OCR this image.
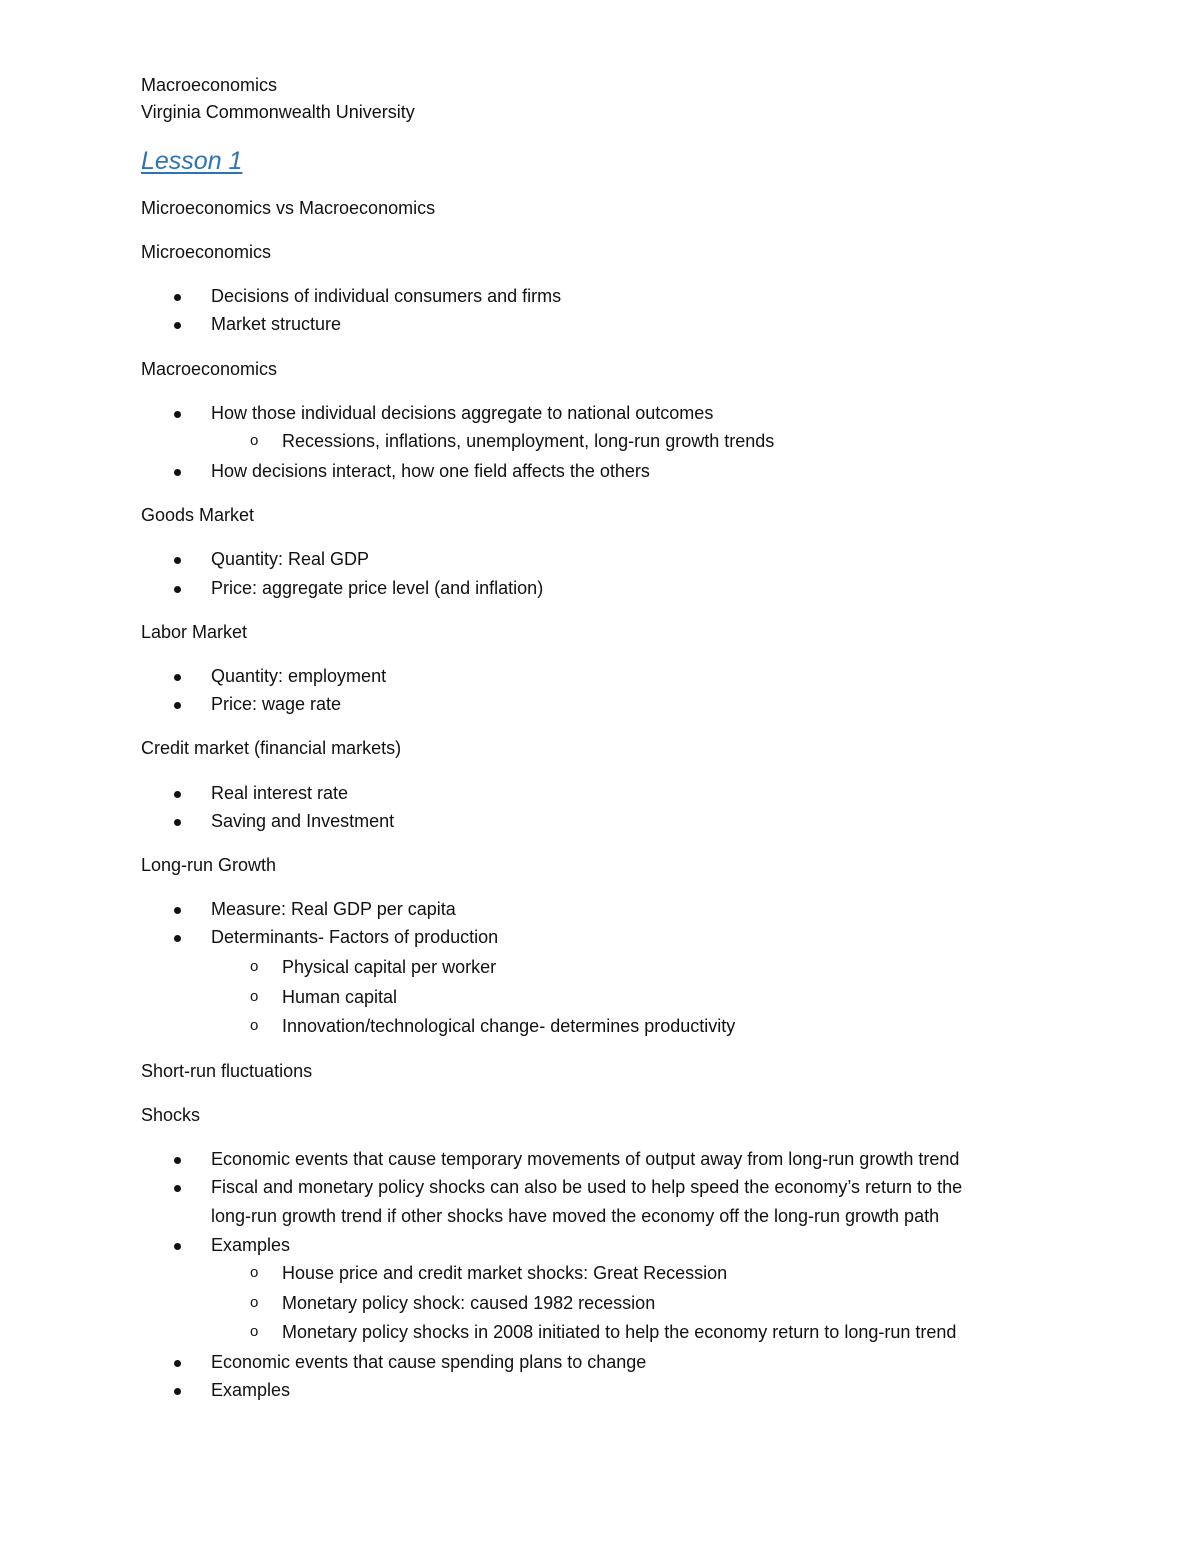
Macroeconomics
Virginia Commonwealth University
Lesson 1
Microeconomics vs Macroeconomics
Microeconomics
Decisions of individual consumers and firms
Market structure
Macroeconomics
How those individual decisions aggregate to national outcomes
o Recessions, inflations, unemployment, long-run growth trends
How decisions interact, how one field affects the others
Goods Market
Quantity: Real GDP
Price: aggregate price level (and inflation)
Labor Market
Quantity: employment
Price: wage rate
Credit market (financial markets)
Real interest rate
Saving and Investment
Long-run Growth
Measure: Real GDP per capita
Determinants- Factors of production
o Physical capital per worker
o Human capital
o Innovation/technological change- determines productivity
Short-run fluctuations
Shocks
Economic events that cause temporary movements of output away from long-run growth trend
Fiscal and monetary policy shocks can also be used to help speed the economy’s return to the
long-run growth trend if other shocks have moved the economy off the long-run growth path
Examples
o House price and credit market shocks: Great Recession
o Monetary policy shock: caused 1982 recession
o Monetary policy shocks in 2008 initiated to help the economy return to long-run trend
Economic events that cause spending plans to change
Examples
